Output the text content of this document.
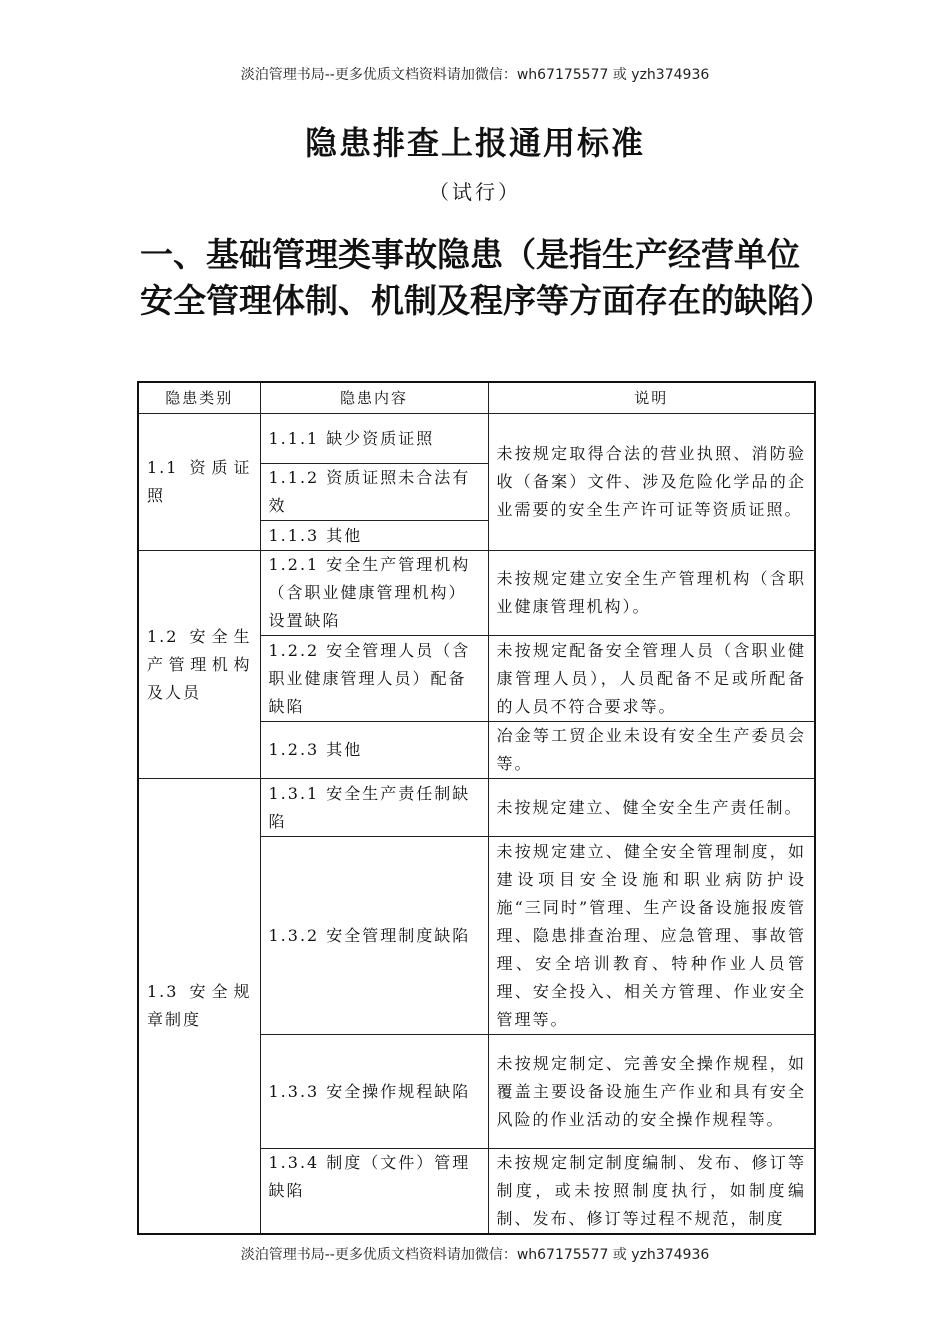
淡泊管理书局--更多优质文档资料请加微信：wh67175577 或 yzh374936
隐患排查上报通用标准
（试行）
一、基础管理类事故隐患（是指生产经营单位安全管理体制、机制及程序等方面存在的缺陷）
隐患类别	隐患内容	说明
1.1 资质证照	1.1.1 缺少资质证照	未按规定取得合法的营业执照、消防验收（备案）文件、涉及危险化学品的企业需要的安全生产许可证等资质证照。
	1.1.2 资质证照未合法有效	
	1.1.3 其他	
1.2 安全生产管理机构及人员	1.2.1 安全生产管理机构（含职业健康管理机构）设置缺陷	未按规定建立安全生产管理机构（含职业健康管理机构）。
	1.2.2 安全管理人员（含职业健康管理人员）配备缺陷	未按规定配备安全管理人员（含职业健康管理人员），人员配备不足或所配备的人员不符合要求等。
	1.2.3 其他	冶金等工贸企业未设有安全生产委员会等。
1.3 安全规章制度	1.3.1 安全生产责任制缺陷	未按规定建立、健全安全生产责任制。
	1.3.2 安全管理制度缺陷	未按规定建立、健全安全管理制度，如建设项目安全设施和职业病防护设施“三同时”管理、生产设备设施报废管理、隐患排查治理、应急管理、事故管理、安全培训教育、特种作业人员管理、安全投入、相关方管理、作业安全管理等。
	1.3.3 安全操作规程缺陷	未按规定制定、完善安全操作规程，如覆盖主要设备设施生产作业和具有安全风险的作业活动的安全操作规程等。
	1.3.4 制度（文件）管理缺陷	未按规定制定制度编制、发布、修订等制度，或未按照制度执行，如制度编制、发布、修订等过程不规范，制度
淡泊管理书局--更多优质文档资料请加微信：wh67175577 或 yzh374936
